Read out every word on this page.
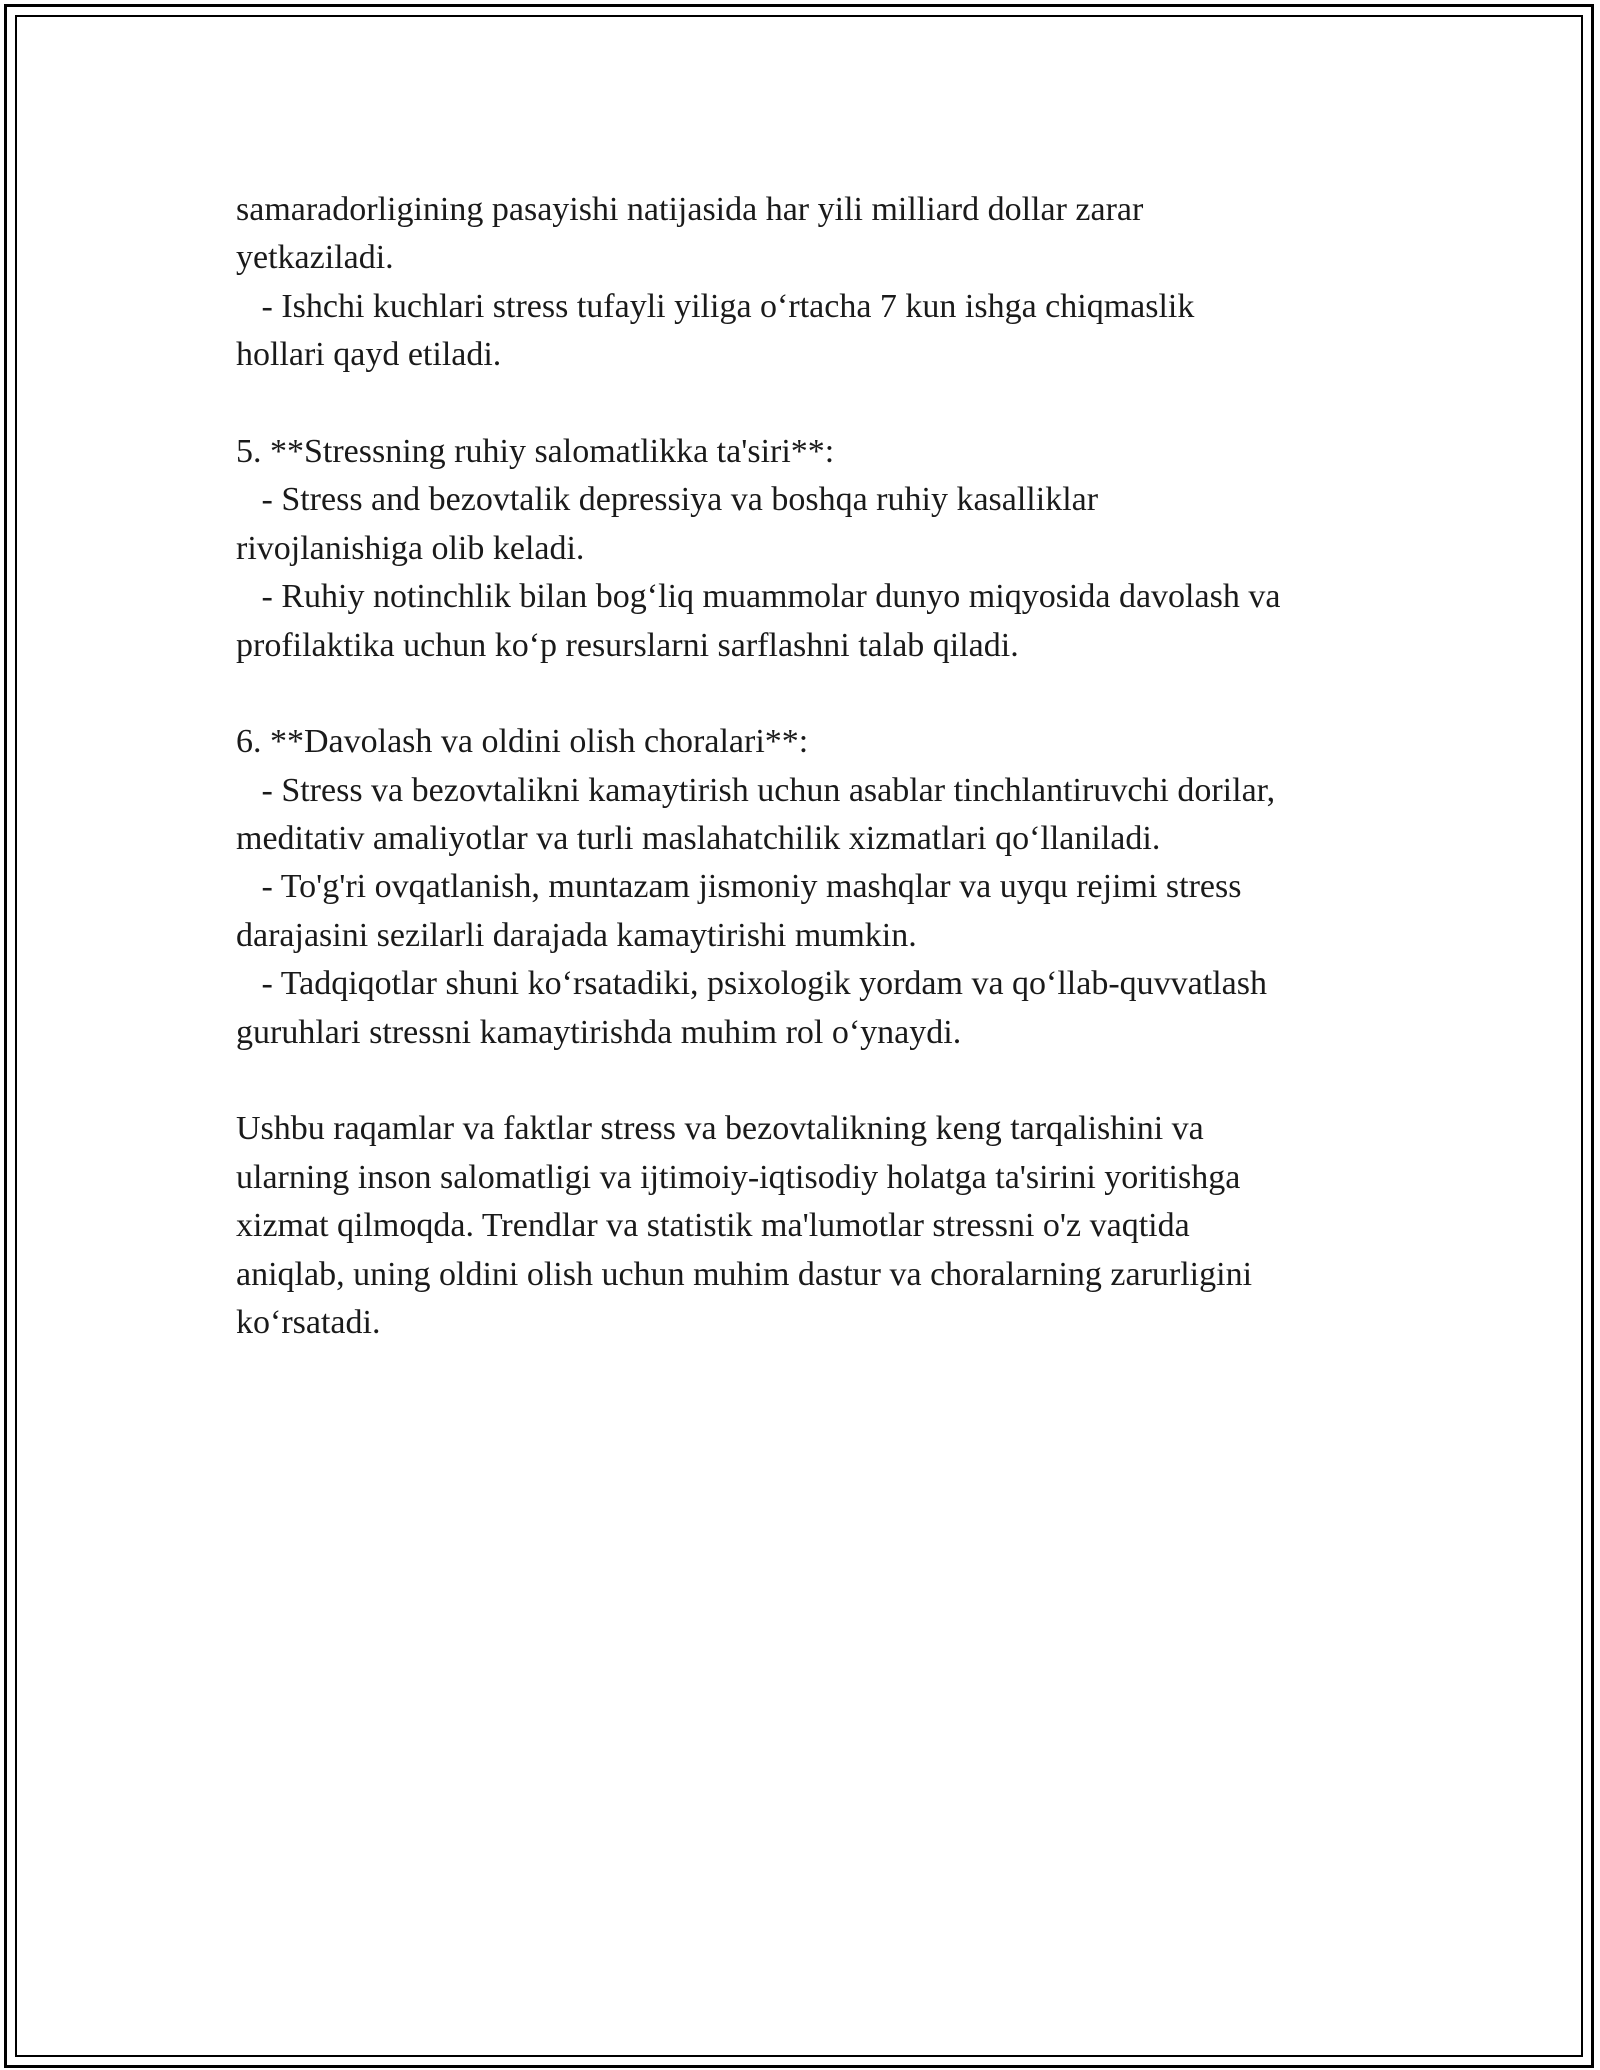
samaradorligining pasayishi natijasida har yili milliard dollar zarar
yetkaziladi.
- Ishchi kuchlari stress tufayli yiliga o‘rtacha 7 kun ishga chiqmaslik
hollari qayd etiladi.
5. **Stressning ruhiy salomatlikka ta'siri**:
- Stress and bezovtalik depressiya va boshqa ruhiy kasalliklar
rivojlanishiga olib keladi.
- Ruhiy notinchlik bilan bog‘liq muammolar dunyo miqyosida davolash va
profilaktika uchun ko‘p resurslarni sarflashni talab qiladi.
6. **Davolash va oldini olish choralari**:
- Stress va bezovtalikni kamaytirish uchun asablar tinchlantiruvchi dorilar,
meditativ amaliyotlar va turli maslahatchilik xizmatlari qo‘llaniladi.
- To'g'ri ovqatlanish, muntazam jismoniy mashqlar va uyqu rejimi stress
darajasini sezilarli darajada kamaytirishi mumkin.
- Tadqiqotlar shuni ko‘rsatadiki, psixologik yordam va qo‘llab-quvvatlash
guruhlari stressni kamaytirishda muhim rol o‘ynaydi.
Ushbu raqamlar va faktlar stress va bezovtalikning keng tarqalishini va
ularning inson salomatligi va ijtimoiy-iqtisodiy holatga ta'sirini yoritishga
xizmat qilmoqda. Trendlar va statistik ma'lumotlar stressni o'z vaqtida
aniqlab, uning oldini olish uchun muhim dastur va choralarning zarurligini
ko‘rsatadi.
